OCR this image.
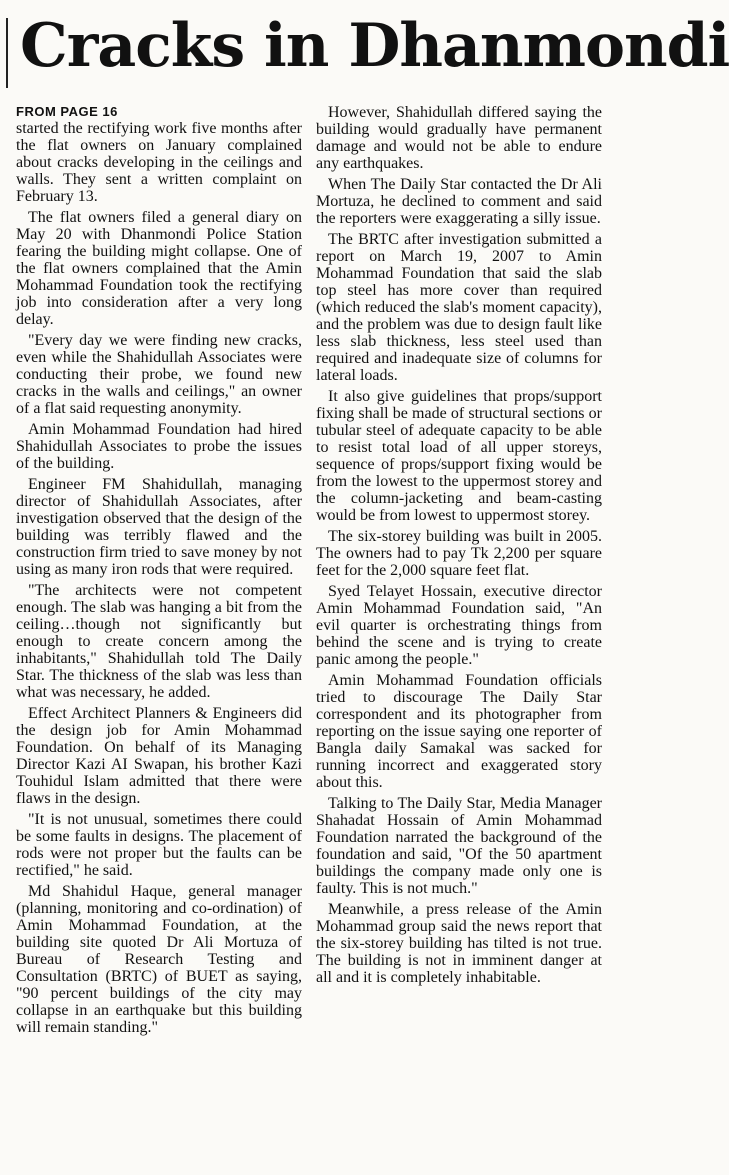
Cracks in Dhanmondi
FROM PAGE 16

started the rectifying work five months after the flat owners on January complained about cracks developing in the ceilings and walls. They sent a written complaint on February 13.

The flat owners filed a general diary on May 20 with Dhanmondi Police Station fearing the building might collapse. One of the flat owners complained that the Amin Mohammad Foundation took the rectifying job into consideration after a very long delay.

"Every day we were finding new cracks, even while the Shahidullah Associates were conducting their probe, we found new cracks in the walls and ceilings," an owner of a flat said requesting anonymity.

Amin Mohammad Foundation had hired Shahidullah Associates to probe the issues of the building.

Engineer FM Shahidullah, managing director of Shahidullah Associates, after investigation observed that the design of the building was terribly flawed and the construction firm tried to save money by not using as many iron rods that were required.

"The architects were not competent enough. The slab was hanging a bit from the ceiling…though not significantly but enough to create concern among the inhabitants," Shahidullah told The Daily Star. The thickness of the slab was less than what was necessary, he added.

Effect Architect Planners & Engineers did the design job for Amin Mohammad Foundation. On behalf of its Managing Director Kazi AI Swapan, his brother Kazi Touhidul Islam admitted that there were flaws in the design.

"It is not unusual, sometimes there could be some faults in designs. The placement of rods were not proper but the faults can be rectified," he said.

Md Shahidul Haque, general manager (planning, monitoring and co-ordination) of Amin Mohammad Foundation, at the building site quoted Dr Ali Mortuza of Bureau of Research Testing and Consultation (BRTC) of BUET as saying, "90 percent buildings of the city may collapse in an earthquake but this building will remain standing."

However, Shahidullah differed saying the building would gradually have permanent damage and would not be able to endure any earthquakes.

When The Daily Star contacted the Dr Ali Mortuza, he declined to comment and said the reporters were exaggerating a silly issue.

The BRTC after investigation submitted a report on March 19, 2007 to Amin Mohammad Foundation that said the slab top steel has more cover than required (which reduced the slab's moment capacity), and the problem was due to design fault like less slab thickness, less steel used than required and inadequate size of columns for lateral loads.

It also give guidelines that props/support fixing shall be made of structural sections or tubular steel of adequate capacity to be able to resist total load of all upper storeys, sequence of props/support fixing would be from the lowest to the uppermost storey and the column-jacketing and beam-casting would be from lowest to uppermost storey.

The six-storey building was built in 2005. The owners had to pay Tk 2,200 per square feet for the 2,000 square feet flat.

Syed Telayet Hossain, executive director Amin Mohammad Foundation said, "An evil quarter is orchestrating things from behind the scene and is trying to create panic among the people."

Amin Mohammad Foundation officials tried to discourage The Daily Star correspondent and its photographer from reporting on the issue saying one reporter of Bangla daily Samakal was sacked for running incorrect and exaggerated story about this.

Talking to The Daily Star, Media Manager Shahadat Hossain of Amin Mohammad Foundation narrated the background of the foundation and said, "Of the 50 apartment buildings the company made only one is faulty. This is not much."

Meanwhile, a press release of the Amin Mohammad group said the news report that the six-storey building has tilted is not true. The building is not in imminent danger at all and it is completely inhabitable.
